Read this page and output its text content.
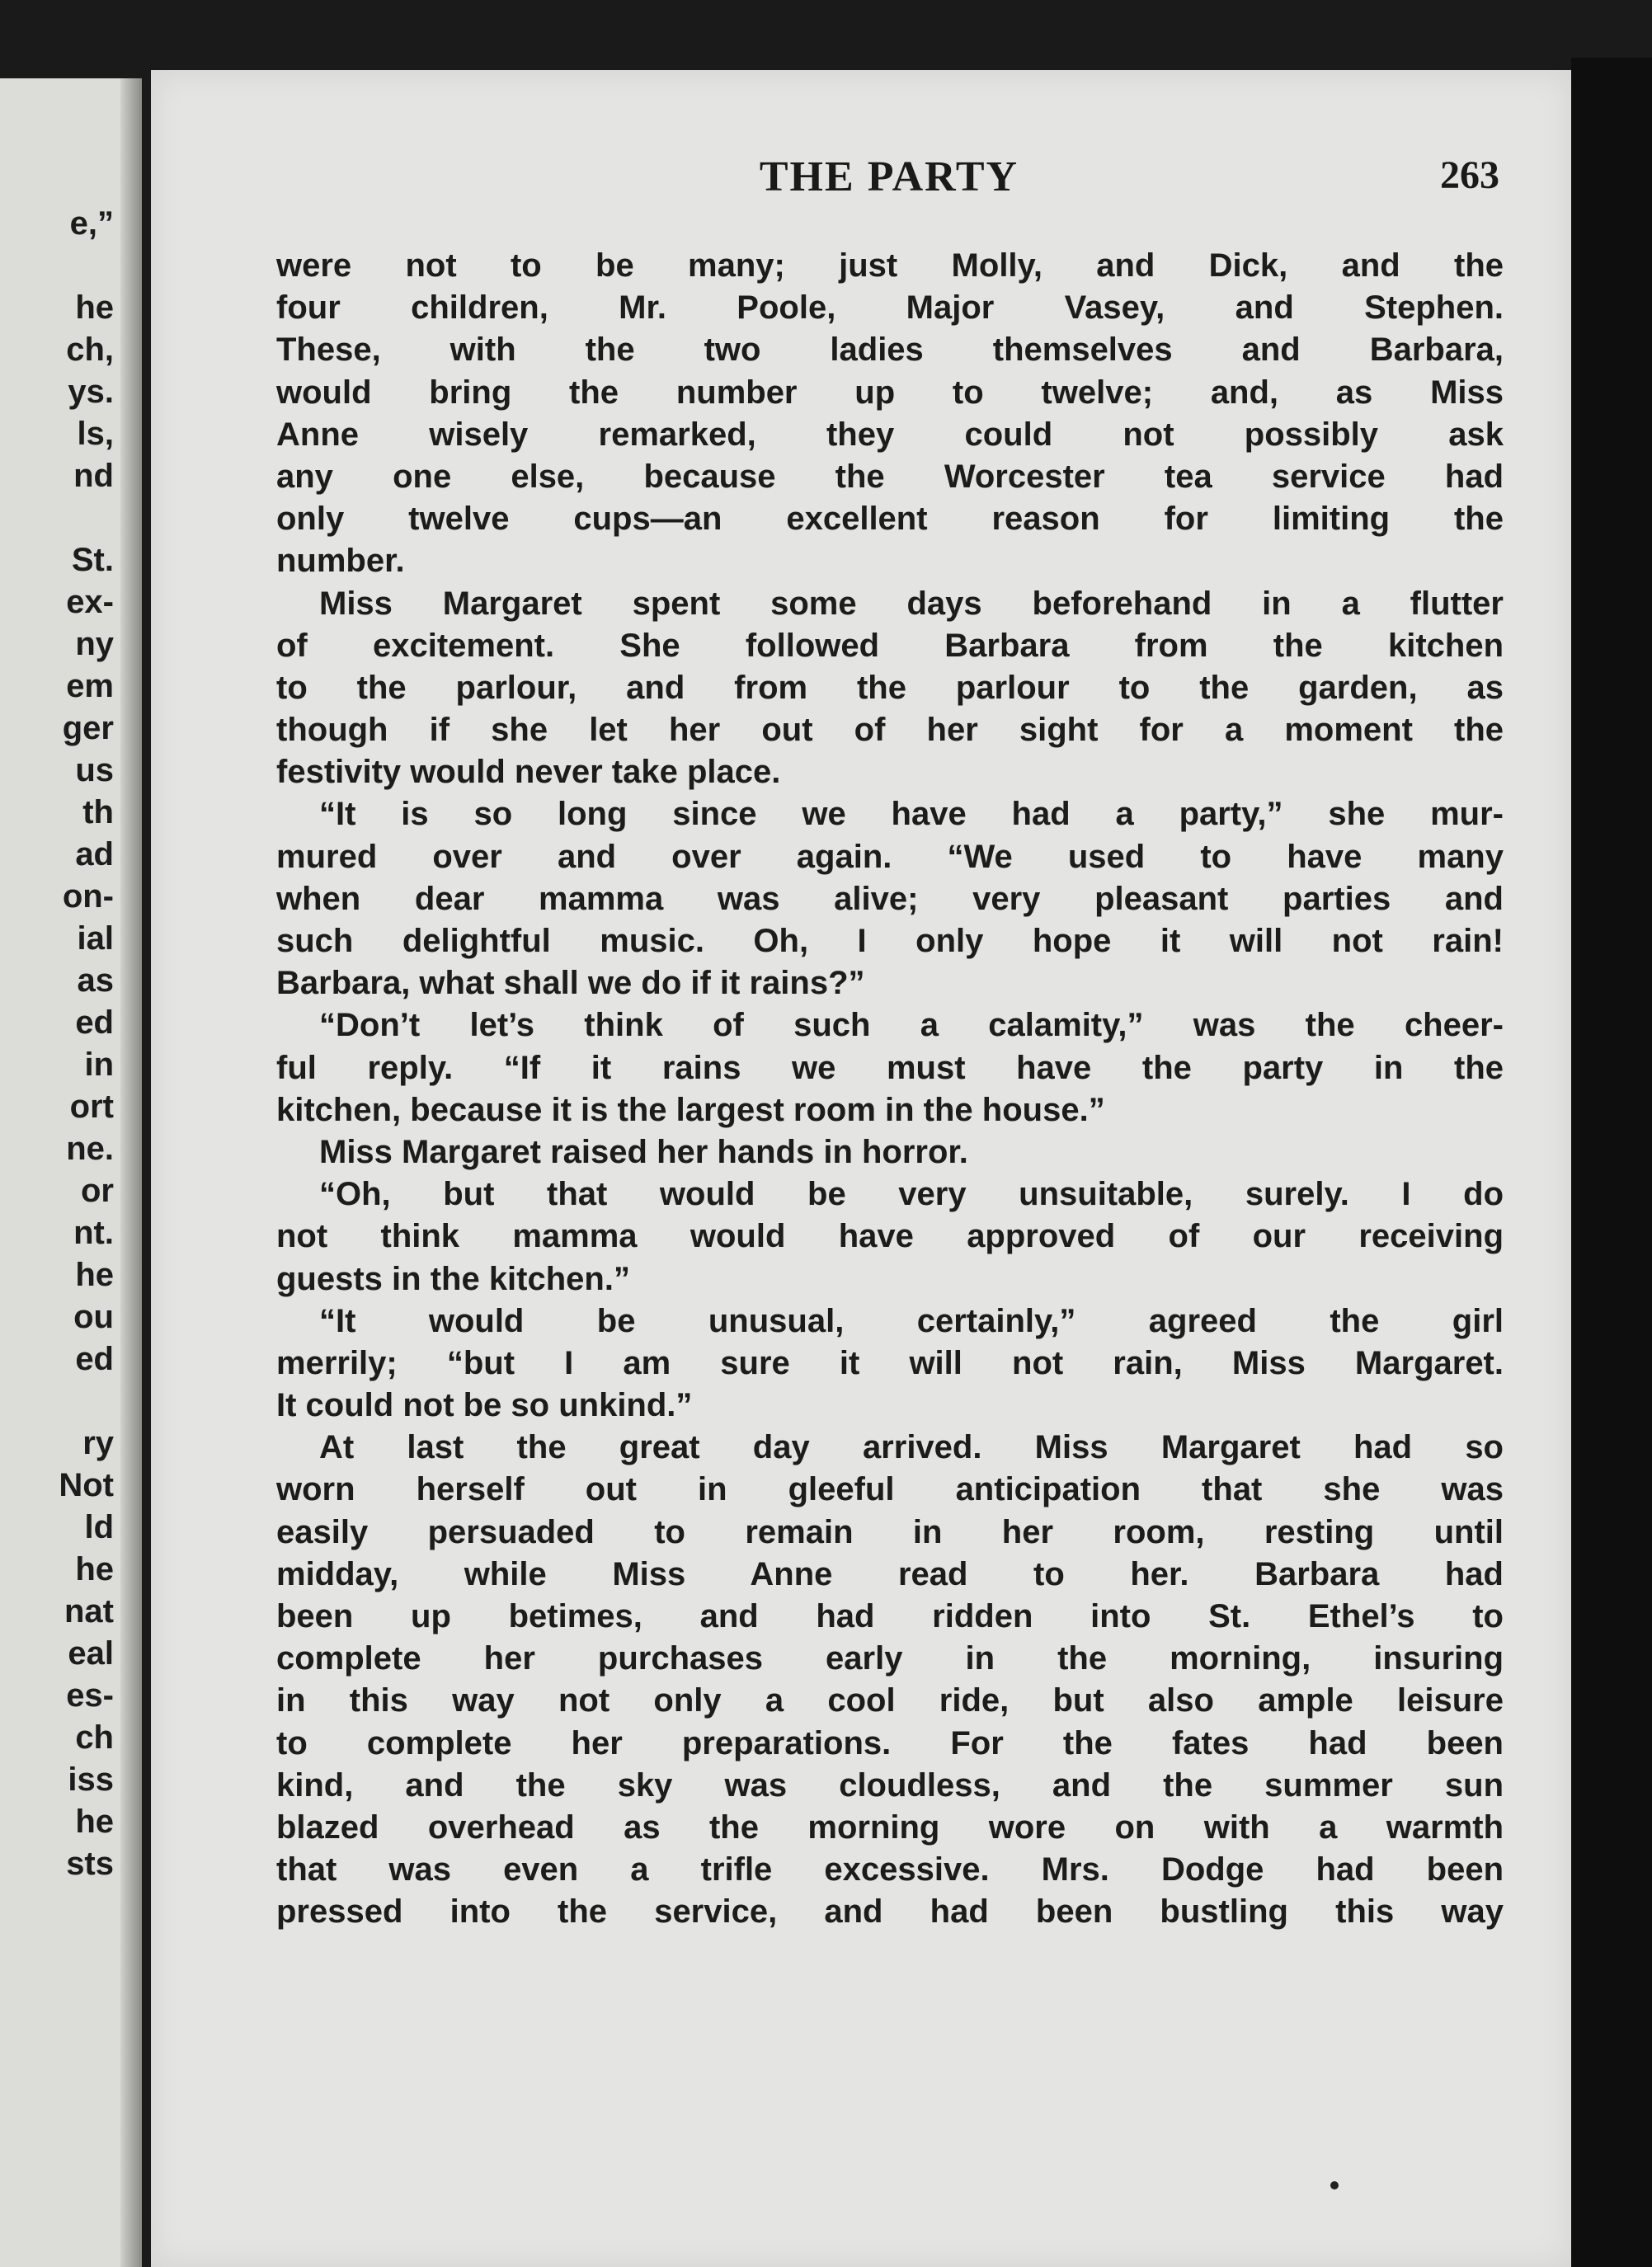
e,”
he
ch,
ys.
ls,
nd
St.
ex-
ny
em
ger
us
th
ad
on-
ial
as
ed
in
ort
ne.
or
nt.
he
ou
ed
ry
Not
ld
he
nat
eal
es-
ch
iss
he
sts
THE PARTY	263
were not to be many; just Molly, and Dick, and the
four children, Mr. Poole, Major Vasey, and Stephen.
These, with the two ladies themselves and Barbara,
would bring the number up to twelve; and, as Miss
Anne wisely remarked, they could not possibly ask
any one else, because the Worcester tea service had
only twelve cups—an excellent reason for limiting the
number.
Miss Margaret spent some days beforehand in a flutter
of excitement. She followed Barbara from the kitchen
to the parlour, and from the parlour to the garden, as
though if she let her out of her sight for a moment the
festivity would never take place.
“It is so long since we have had a party,” she mur-
mured over and over again. “We used to have many
when dear mamma was alive; very pleasant parties and
such delightful music. Oh, I only hope it will not rain!
Barbara, what shall we do if it rains?”
“Don’t let’s think of such a calamity,” was the cheer-
ful reply. “If it rains we must have the party in the
kitchen, because it is the largest room in the house.”
Miss Margaret raised her hands in horror.
“Oh, but that would be very unsuitable, surely. I do
not think mamma would have approved of our receiving
guests in the kitchen.”
“It would be unusual, certainly,” agreed the girl
merrily; “but I am sure it will not rain, Miss Margaret.
It could not be so unkind.”
At last the great day arrived. Miss Margaret had so
worn herself out in gleeful anticipation that she was
easily persuaded to remain in her room, resting until
midday, while Miss Anne read to her. Barbara had
been up betimes, and had ridden into St. Ethel’s to
complete her purchases early in the morning, insuring
in this way not only a cool ride, but also ample leisure
to complete her preparations. For the fates had been
kind, and the sky was cloudless, and the summer sun
blazed overhead as the morning wore on with a warmth
that was even a trifle excessive. Mrs. Dodge had been
pressed into the service, and had been bustling this way
